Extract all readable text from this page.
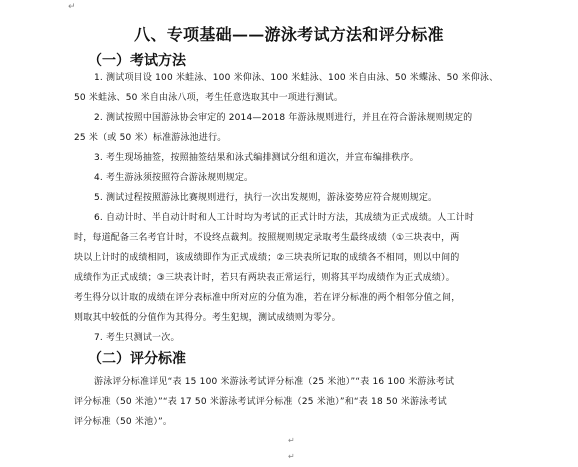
↵
八、专项基础——游泳考试方法和评分标准
（一）考试方法
1. 测试项目设 100 米蛙泳、100 米仰泳、100 米蛙泳、100 米自由泳、50 米蝶泳、50 米仰泳、
50 米蛙泳、50 米自由泳八项，考生任意选取其中一项进行测试。
2. 测试按照中国游泳协会审定的 2014—2018 年游泳规则进行，并且在符合游泳规则规定的
25 米（或 50 米）标准游泳池进行。
3. 考生现场抽签，按照抽签结果和泳式编排测试分组和道次，并宣布编排秩序。
4. 考生游泳须按照符合游泳规则规定。
5. 测试过程按照游泳比赛规则进行，执行一次出发规则，游泳姿势应符合规则规定。
6. 自动计时、半自动计时和人工计时均为考试的正式计时方法，其成绩为正式成绩。人工计时
时，每道配备三名考官计时，不设终点裁判。按照规则规定录取考生最终成绩（①三块表中，两
块以上计时的成绩相同，该成绩即作为正式成绩；②三块表所记取的成绩各不相同，则以中间的
成绩作为正式成绩；③三块表计时，若只有两块表正常运行，则将其平均成绩作为正式成绩）。
考生得分以计取的成绩在评分表标准中所对应的分值为准，若在评分标准的两个相邻分值之间，
则取其中较低的分值作为其得分。考生犯规，测试成绩则为零分。
7. 考生只测试一次。
（二）评分标准
游泳评分标准详见“表 15 100 米游泳考试评分标准（25 米池）”“表 16 100 米游泳考试
评分标准（50 米池）”“表 17 50 米游泳考试评分标准（25 米池）”和“表 18 50 米游泳考试
评分标准（50 米池）”。
↵
↵
